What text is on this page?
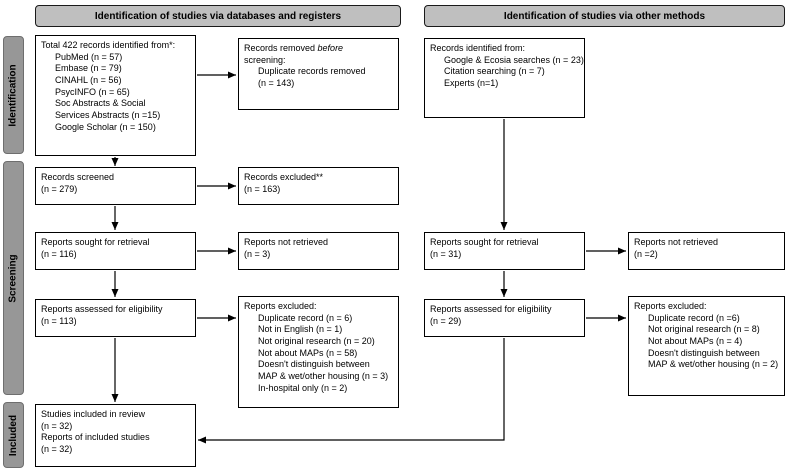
Identification of studies via databases and registers	Identification of studies via other methods
Identification
Screening
Included
Total 422 records identified from*:
PubMed (n = 57)
Embase (n = 79)
CINAHL (n = 56)
PsycINFO (n = 65)
Soc Abstracts & Social
Services Abstracts (n =15)
Google Scholar (n = 150)
Records screened
(n = 279)
Reports sought for retrieval
(n = 116)
Reports assessed for eligibility
(n = 113)
Studies included in review
(n = 32)
Reports of included studies
(n = 32)
Records removed before
screening:
Duplicate records removed
(n = 143)
Records excluded**
(n = 163)
Reports not retrieved
(n = 3)
Reports excluded:
Duplicate record (n = 6)
Not in English (n = 1)
Not original research (n = 20)
Not about MAPs (n = 58)
Doesn't distinguish between
MAP & wet/other housing (n = 3)
In-hospital only (n = 2)
Records identified from:
Google & Ecosia searches (n = 23)
Citation searching (n = 7)
Experts (n=1)
Reports sought for retrieval
(n = 31)
Reports assessed for eligibility
(n = 29)
Reports not retrieved
(n =2)
Reports excluded:
Duplicate record (n =6)
Not original research (n = 8)
Not about MAPs (n = 4)
Doesn't distinguish between
MAP & wet/other housing (n = 2)
